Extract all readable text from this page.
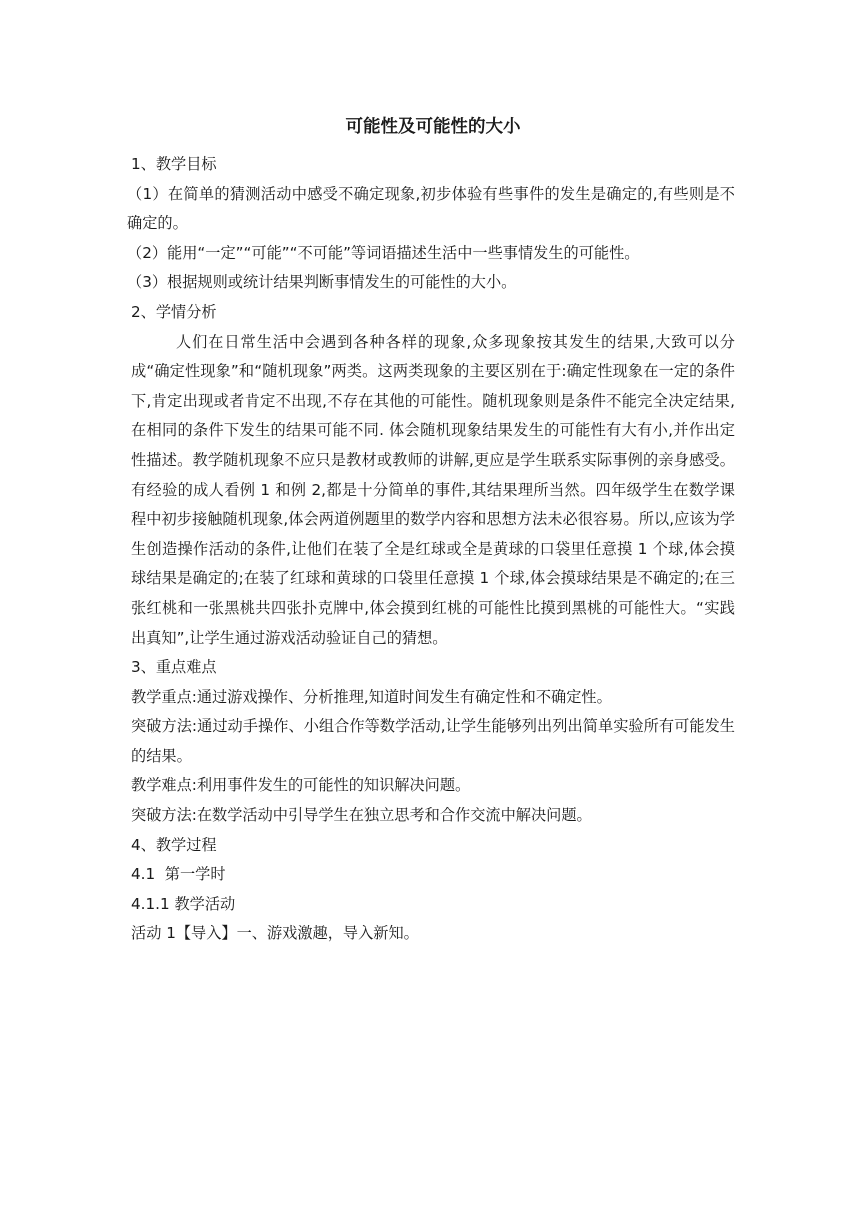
可能性及可能性的大小

1、教学目标

（1）在简单的猜测活动中感受不确定现象,初步体验有些事件的发生是确定的,有些则是不确定的。

（2）能用“一定”“可能”“不可能”等词语描述生活中一些事情发生的可能性。

（3）根据规则或统计结果判断事情发生的可能性的大小。

2、学情分析

人们在日常生活中会遇到各种各样的现象,众多现象按其发生的结果,大致可以分成“确定性现象”和“随机现象”两类。这两类现象的主要区别在于:确定性现象在一定的条件下,肯定出现或者肯定不出现,不存在其他的可能性。随机现象则是条件不能完全决定结果,在相同的条件下发生的结果可能不同. 体会随机现象结果发生的可能性有大有小,并作出定性描述。教学随机现象不应只是教材或教师的讲解,更应是学生联系实际事例的亲身感受。有经验的成人看例 1 和例 2,都是十分简单的事件,其结果理所当然。四年级学生在数学课程中初步接触随机现象,体会两道例题里的数学内容和思想方法未必很容易。所以,应该为学生创造操作活动的条件,让他们在装了全是红球或全是黄球的口袋里任意摸 1 个球,体会摸球结果是确定的;在装了红球和黄球的口袋里任意摸 1 个球,体会摸球结果是不确定的;在三张红桃和一张黑桃共四张扑克牌中,体会摸到红桃的可能性比摸到黑桃的可能性大。“实践出真知”,让学生通过游戏活动验证自己的猜想。

3、重点难点

教学重点:通过游戏操作、分析推理,知道时间发生有确定性和不确定性。

突破方法:通过动手操作、小组合作等数学活动,让学生能够列出列出简单实验所有可能发生的结果。

教学难点:利用事件发生的可能性的知识解决问题。

突破方法:在数学活动中引导学生在独立思考和合作交流中解决问题。

4、教学过程

4.1  第一学时

4.1.1 教学活动

活动 1【导入】一、游戏激趣，导入新知。
